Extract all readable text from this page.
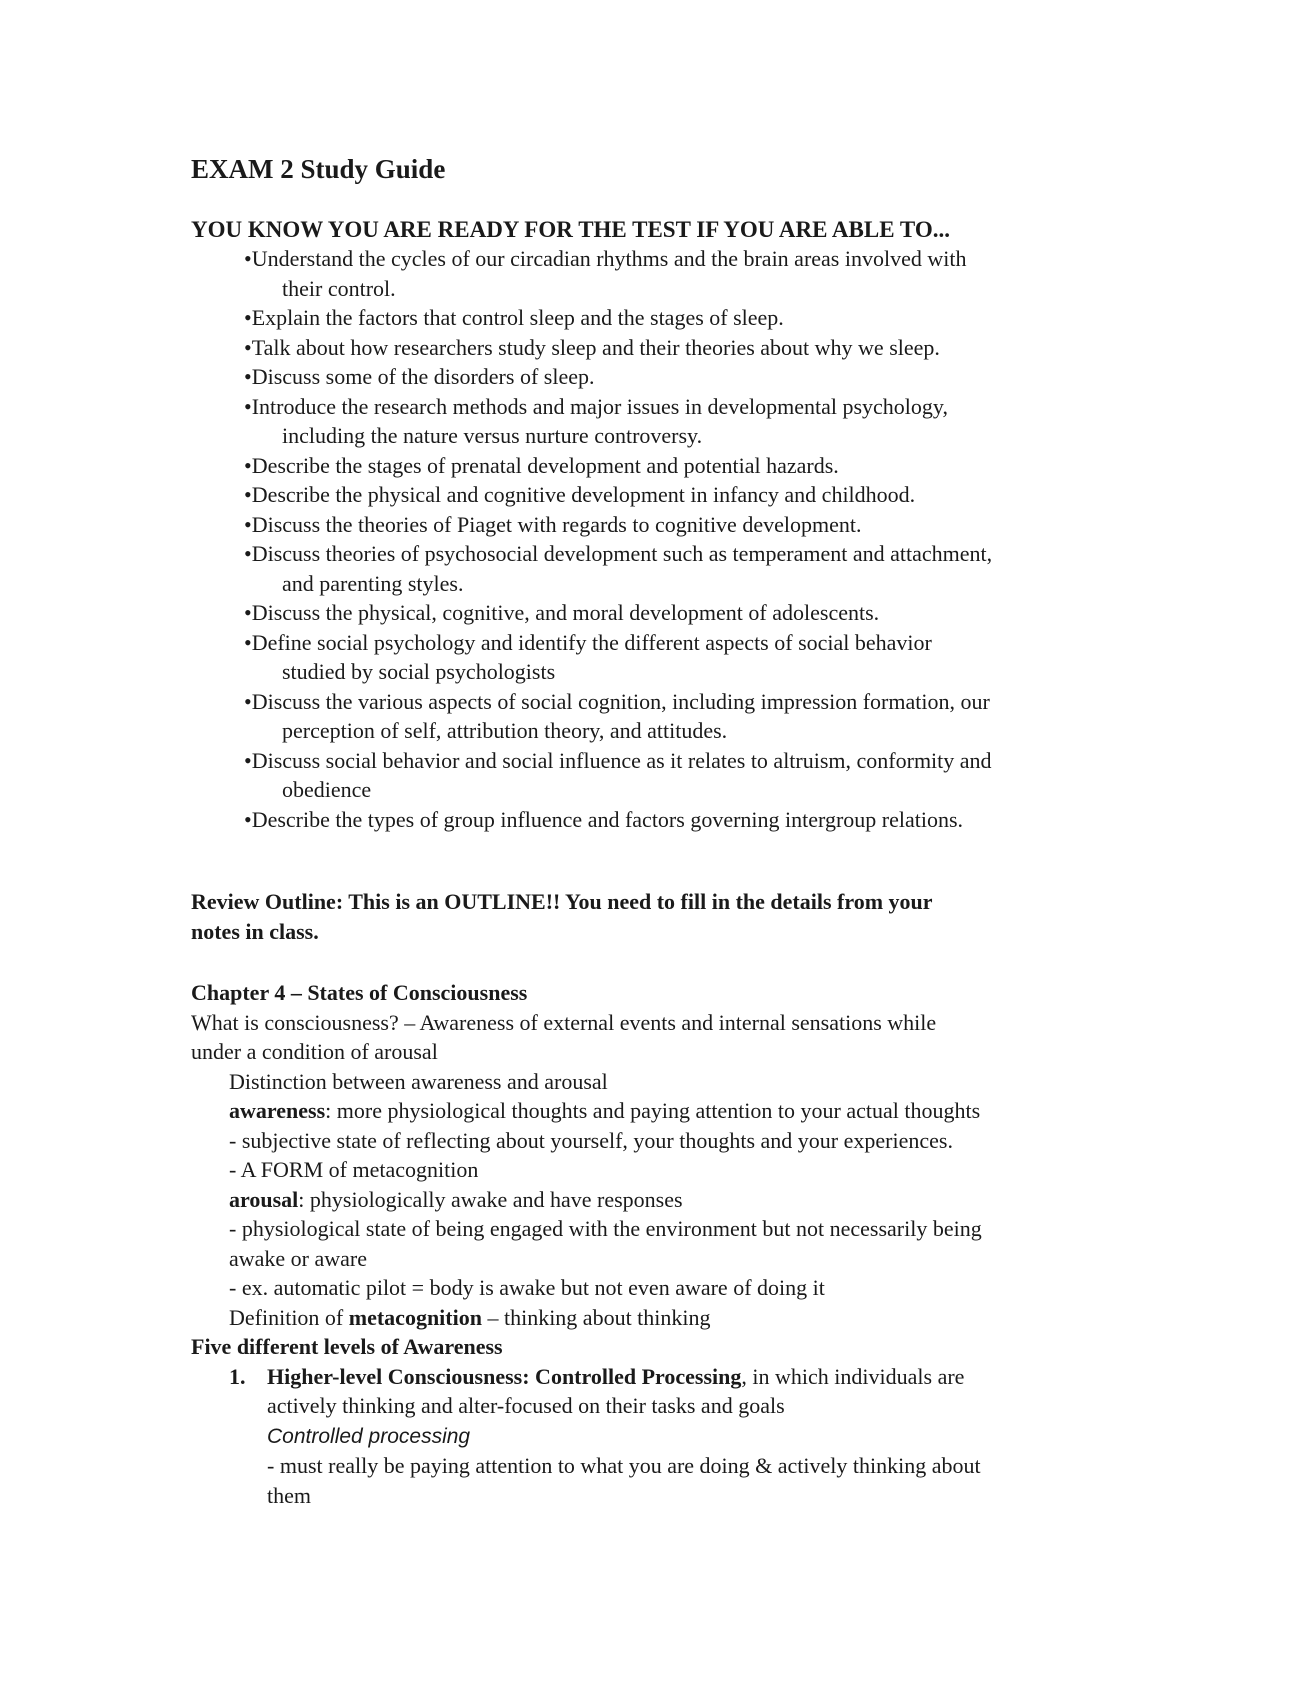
EXAM 2 Study Guide
YOU KNOW YOU ARE READY FOR THE TEST IF YOU ARE ABLE TO...
•Understand the cycles of our circadian rhythms and the brain areas involved with
their control.
•Explain the factors that control sleep and the stages of sleep.
•Talk about how researchers study sleep and their theories about why we sleep.
•Discuss some of the disorders of sleep.
•Introduce the research methods and major issues in developmental psychology,
including the nature versus nurture controversy.
•Describe the stages of prenatal development and potential hazards.
•Describe the physical and cognitive development in infancy and childhood.
•Discuss the theories of Piaget with regards to cognitive development.
•Discuss theories of psychosocial development such as temperament and attachment,
and parenting styles.
•Discuss the physical, cognitive, and moral development of adolescents.
•Define social psychology and identify the different aspects of social behavior
studied by social psychologists
•Discuss the various aspects of social cognition, including impression formation, our
perception of self, attribution theory, and attitudes.
•Discuss social behavior and social influence as it relates to altruism, conformity and
obedience
•Describe the types of group influence and factors governing intergroup relations.
Review Outline: This is an OUTLINE!! You need to fill in the details from your
notes in class.

Chapter 4 – States of Consciousness

What is consciousness? – Awareness of external events and internal sensations while
under a condition of arousal

Distinction between awareness and arousal

awareness: more physiological thoughts and paying attention to your actual thoughts

- subjective state of reflecting about yourself, your thoughts and your experiences.

- A FORM of metacognition

arousal: physiologically awake and have responses

- physiological state of being engaged with the environment but not necessarily being
awake or aware

- ex. automatic pilot = body is awake but not even aware of doing it

Definition of metacognition – thinking about thinking

Five different levels of Awareness

1. Higher-level Consciousness: Controlled Processing, in which individuals are
actively thinking and alter-focused on their tasks and goals
Controlled processing
- must really be paying attention to what you are doing & actively thinking about
them
